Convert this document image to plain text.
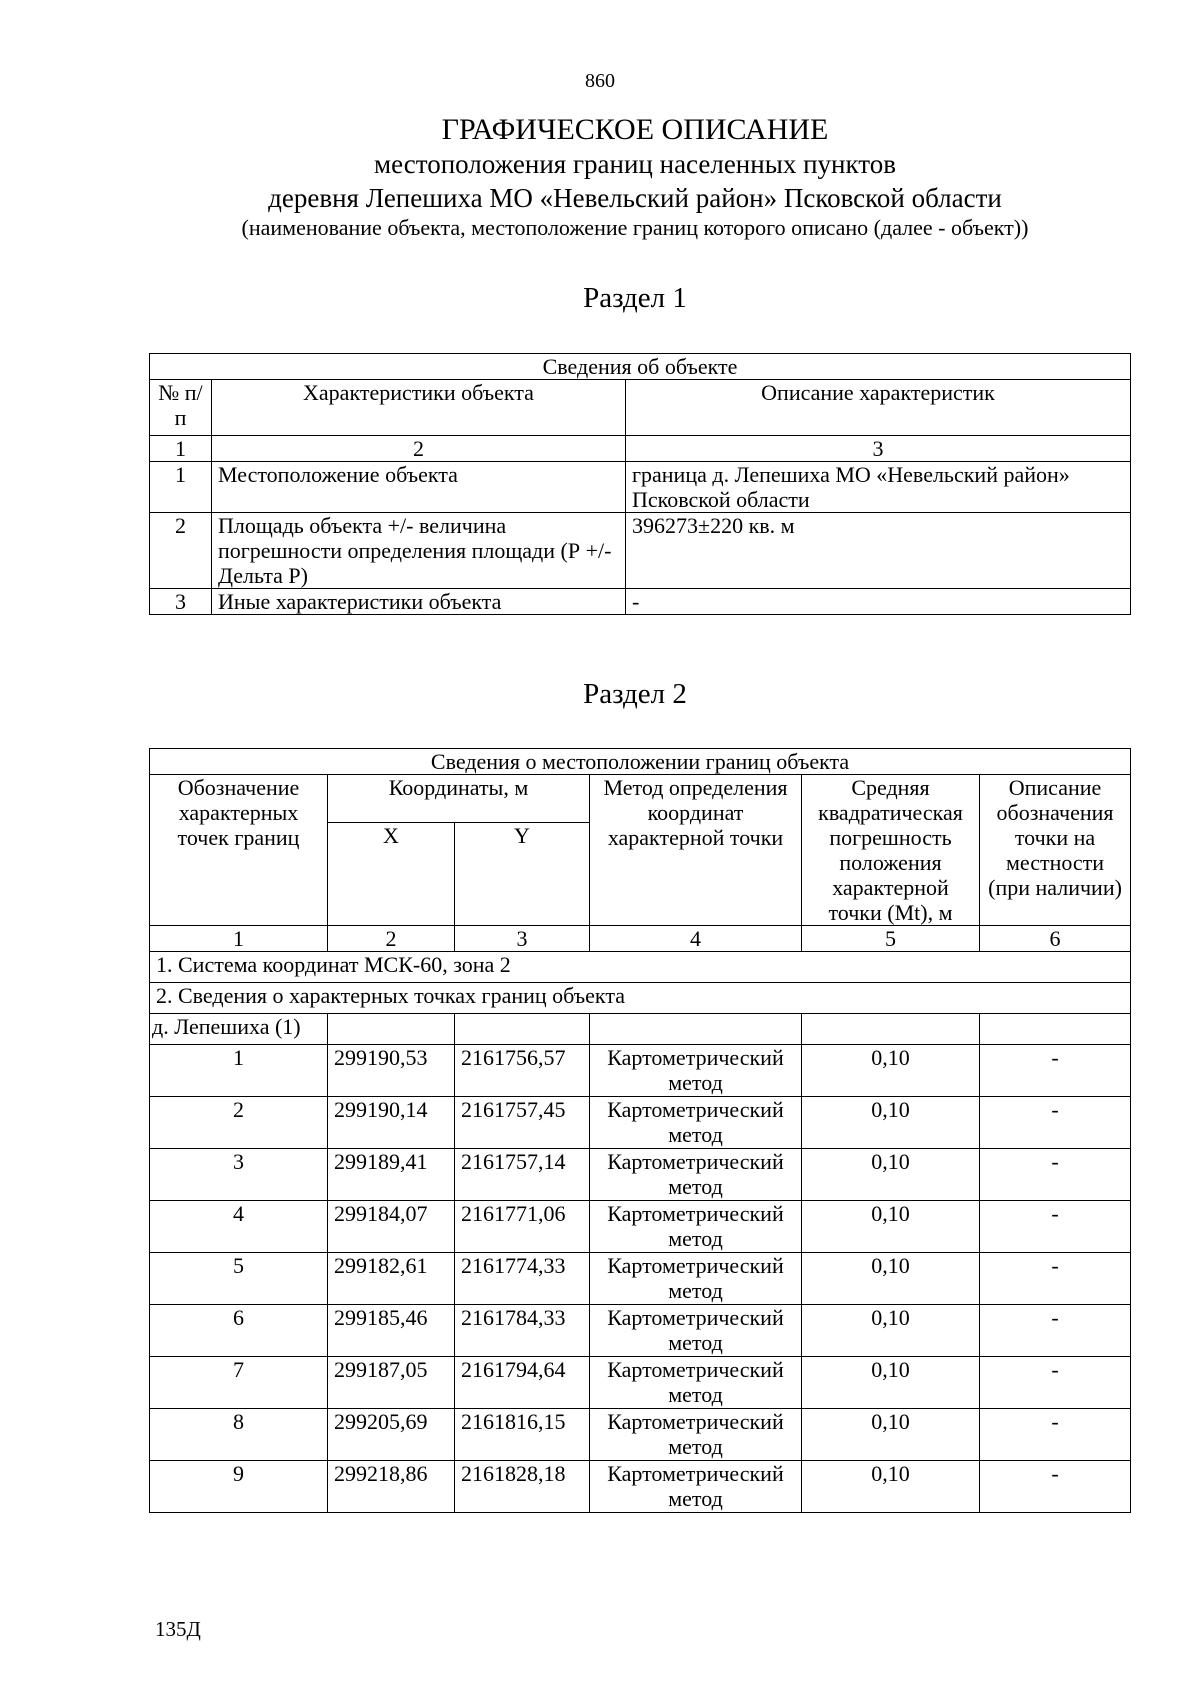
860
ГРАФИЧЕСКОЕ ОПИСАНИЕ
местоположения границ населенных пунктов
деревня Лепешиха МО «Невельский район» Псковской области
(наименование объекта, местоположение границ которого описано (далее - объект))
Раздел 1
Сведения об объекте		
№ п/п	Характеристики объекта	Описание характеристик
1	2	3
1	Местоположение объекта	граница д. Лепешиха МО «Невельский район» Псковской области
2	Площадь объекта +/- величина погрешности определения площади (Р +/- Дельта Р)	396273±220 кв. м
3	Иные характеристики объекта	-
Раздел 2
Сведения о местоположении границ объекта					
Обозначение характерных точек границ	Координаты, м		Метод определения координат характерной точки	Средняя квадратическая погрешность положения характерной точки (Mt), м	Описание обозначения точки на местности (при наличии)
	X	Y			
1	2	3	4	5	6
1. Система координат МСК-60, зона 2					
2. Сведения о характерных точках границ объекта					
д. Лепешиха (1)					
1	299190,53	2161756,57	Картометрический метод	0,10	-
2	299190,14	2161757,45	Картометрический метод	0,10	-
3	299189,41	2161757,14	Картометрический метод	0,10	-
4	299184,07	2161771,06	Картометрический метод	0,10	-
5	299182,61	2161774,33	Картометрический метод	0,10	-
6	299185,46	2161784,33	Картометрический метод	0,10	-
7	299187,05	2161794,64	Картометрический метод	0,10	-
8	299205,69	2161816,15	Картометрический метод	0,10	-
9	299218,86	2161828,18	Картометрический метод	0,10	-
135Д
